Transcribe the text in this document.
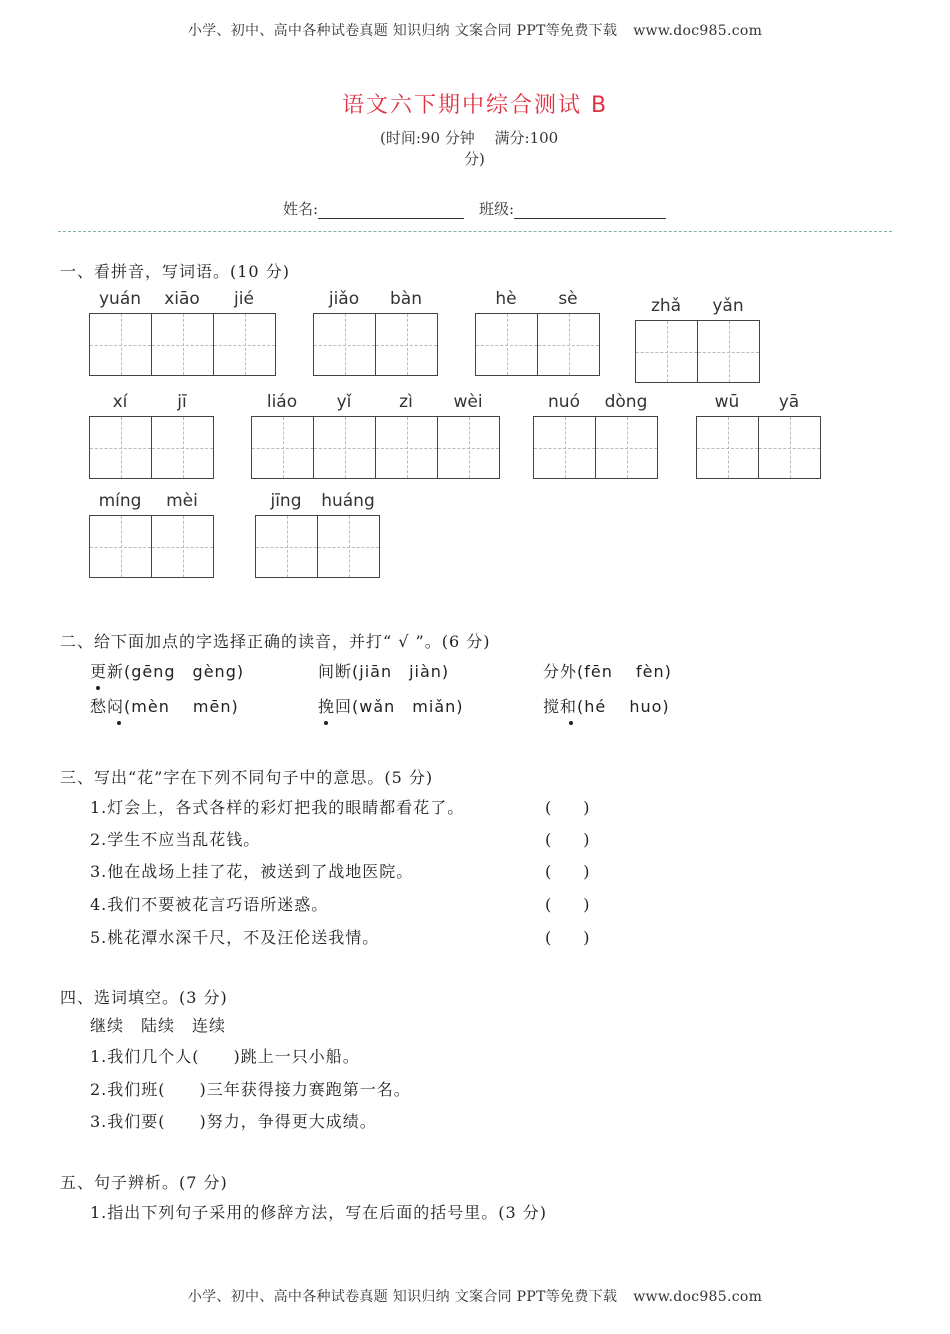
小学、初中、高中各种试卷真题 知识归纳 文案合同 PPT等免费下载 www.doc985.com
语文六下期中综合测试 B
(时间:90 分钟　 满分:100
分)
姓名:	班级:
一、看拼音，写词语。(10 分)
yuán	xiāo	jié	jiǎo	bàn	hè	sè	zhǎ	yǎn
xí	jī	liáo	yǐ	zì	wèi	nuó	dòng	wū	yā
míng	mèi	jīng	huáng
二、给下面加点的字选择正确的读音，并打“ √ ”。(6 分)
更新(gēng　gèng)	间断(jiān　jiàn)	分外(fēn　 fèn)
愁闷(mèn　 mēn)	挽回(wǎn　miǎn)	搅和(hé　 huo)
三、写出“花”字在下列不同句子中的意思。(5 分)
1.灯会上，各式各样的彩灯把我的眼睛都看花了。	(　　)
2.学生不应当乱花钱。	(　　)
3.他在战场上挂了花，被送到了战地医院。	(　　)
4.我们不要被花言巧语所迷惑。	(　　)
5.桃花潭水深千尺，不及汪伦送我情。	(　　)
四、选词填空。(3 分)
继续　陆续　连续
1.我们几个人(　　)跳上一只小船。
2.我们班(　　)三年获得接力赛跑第一名。
3.我们要(　　)努力，争得更大成绩。
五、句子辨析。(7 分)
1.指出下列句子采用的修辞方法，写在后面的括号里。(3 分)
小学、初中、高中各种试卷真题 知识归纳 文案合同 PPT等免费下载 www.doc985.com
